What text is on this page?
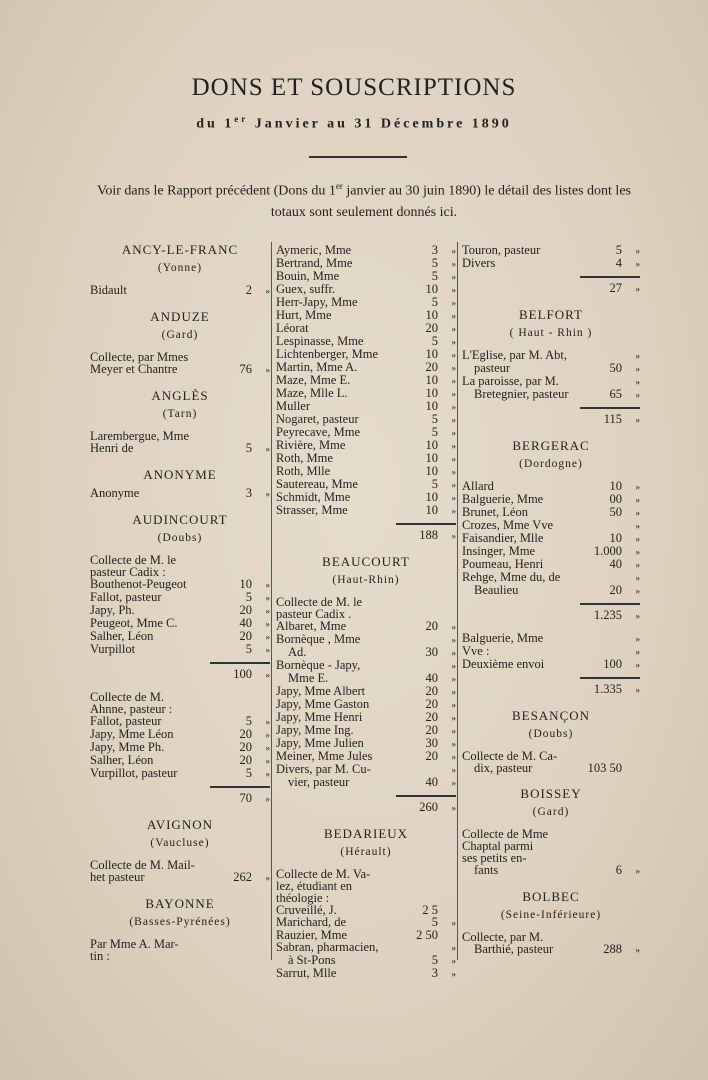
DONS ET SOUSCRIPTIONS
du 1er Janvier au 31 Décembre 1890
Voir dans le Rapport précédent (Dons du 1er janvier au 30 juin 1890) le détail des listes dont les totaux sont seulement donnés ici.
ANCY-LE-FRANC
(Yonne)
Bidault	2	»
ANDUZE
(Gard)
Collecte, par Mmes
Meyer et Chantre	76	»
ANGLÈS
(Tarn)
Larembergue, Mme
Henri de	5	»
ANONYME
Anonyme	3	»
AUDINCOURT
(Doubs)
Collecte de M. le
pasteur Cadix :
Bouthenot-Peugeot	10	»
Fallot, pasteur	5	»
Japy, Ph.	20	»
Peugeot, Mme C.	40	»
Salher, Léon	20	»
Vurpillot	5	»
100	»
Collecte de M.
Ahnne, pasteur :
Fallot, pasteur	5	»
Japy, Mme Léon	20	»
Japy, Mme Ph.	20	»
Salher, Léon	20	»
Vurpillot, pasteur	5	»
70	»
AVIGNON
(Vaucluse)
Collecte de M. Mail-
het pasteur	262	»
BAYONNE
(Basses-Pyrénées)
Par Mme A. Mar-
tin :
Aymeric, Mme	3	»
Bertrand, Mme	5	»
Bouin, Mme	5	»
Guex, suffr.	10	»
Herr-Japy, Mme	5	»
Hurt, Mme	10	»
Léorat	20	»
Lespinasse, Mme	5	»
Lichtenberger, Mme	10	»
Martin, Mme A.	20	»
Maze, Mme E.	10	»
Maze, Mlle L.	10	»
Muller	10	»
Nogaret, pasteur	5	»
Peyrecave, Mme	5	»
Rivière, Mme	10	»
Roth, Mme	10	»
Roth, Mlle	10	»
Sautereau, Mme	5	»
Schmidt, Mme	10	»
Strasser, Mme	10	»
188	»
BEAUCOURT
(Haut-Rhin)
Collecte de M. le
pasteur Cadix .
Albaret, Mme	20	»
Bornèque , Mme	»
Ad.	30	»
Bornèque - Japy,	»
Mme E.	40	»
Japy, Mme Albert	20	»
Japy, Mme Gaston	20	»
Japy, Mme Henri	20	»
Japy, Mme Ing.	20	»
Japy, Mme Julien	30	»
Meiner, Mme Jules	20	»
Divers, par M. Cu-	»
vier, pasteur	40	»
260	»
BEDARIEUX
(Hérault)
Collecte de M. Va-
lez, étudiant en
théologie :
Cruveillé, J.	2 5
Marichard, de	5	»
Rauzier, Mme	2 50
Sabran, pharmacien,	»
à St-Pons	5	»
Sarrut, Mlle	3	»
Touron, pasteur	5	»
Divers	4	»
27	»
BELFORT
( Haut - Rhin )
L'Eglise, par M. Abt,	»
pasteur	50	»
La paroisse, par M.	»
Bretegnier, pasteur	65	»
115	»
BERGERAC
(Dordogne)
Allard	10	»
Balguerie, Mme	00	»
Brunet, Léon	50	»
Crozes, Mme Vve	»
Faisandier, Mlle	10	»
Insinger, Mme	1.000	»
Poumeau, Henri	40	»
Rehge, Mme du, de	»
Beaulieu	20	»
1.235	»
Balguerie, Mme	»
Vve :	»
Deuxième envoi	100	»
1.335	»
BESANÇON
(Doubs)
Collecte de M. Ca-
dix, pasteur	103 50
BOISSEY
(Gard)
Collecte de Mme
Chaptal parmi
ses petits en-
fants	6	»
BOLBEC
(Seine-Inférieure)
Collecte, par M.
Barthié, pasteur	288	»
